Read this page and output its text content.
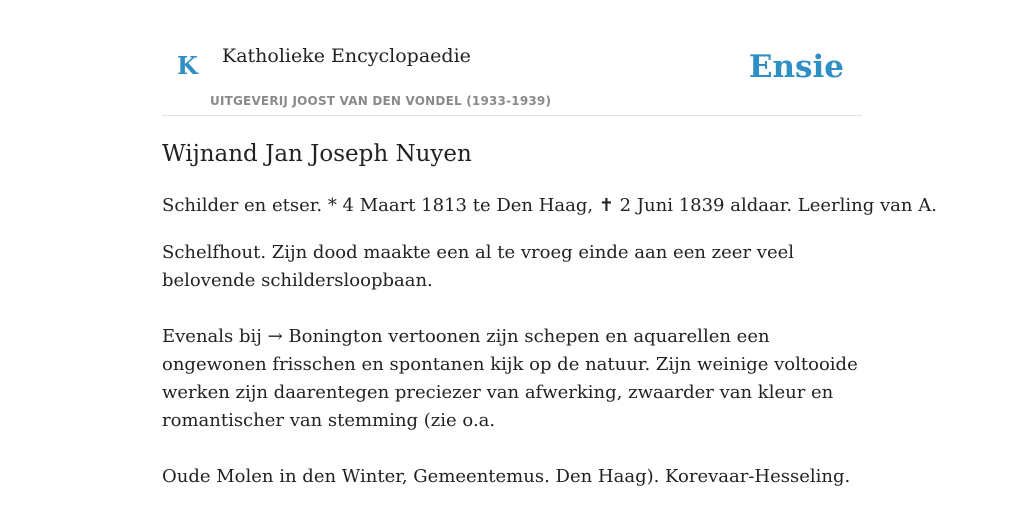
K Katholieke Encyclopaedie
UITGEVERIJ JOOST VAN DEN VONDEL (1933-1939)
Ensie
Wijnand Jan Joseph Nuyen

Schilder en etser. * 4 Maart 1813 te Den Haag, ✝ 2 Juni 1839 aldaar. Leerling van A.

Schelfhout. Zijn dood maakte een al te vroeg einde aan een zeer veel belovende schildersloopbaan.

Evenals bij → Bonington vertoonen zijn schepen en aquarellen een ongewonen frisschen en spontanen kijk op de natuur. Zijn weinige voltooide werken zijn daarentegen preciezer van afwerking, zwaarder van kleur en romantischer van stemming (zie o.a.

Oude Molen in den Winter, Gemeentemus. Den Haag). Korevaar-Hesseling.
